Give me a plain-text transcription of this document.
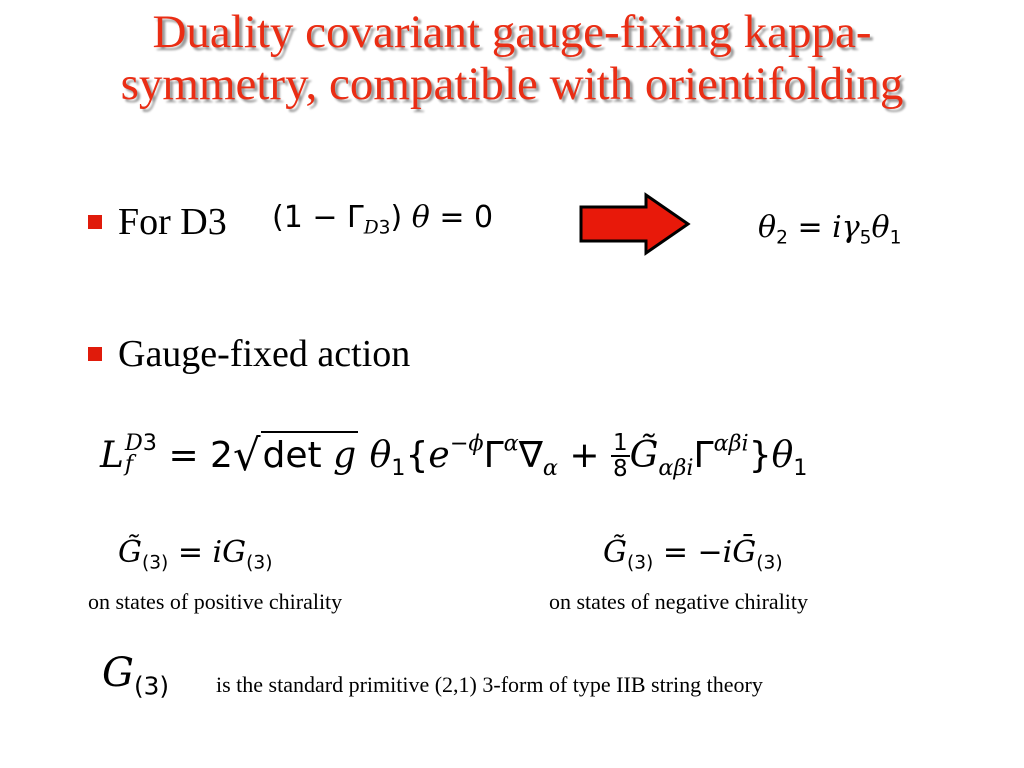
Duality covariant gauge-fixing kappa-
symmetry, compatible with orientifolding
For D3 $(1 - \Gamma_{D3})$ θ = 0	$\theta_2 = i\gamma_5\theta_1$
Gauge-fixed action
L D3
f = 2√det g $\theta_1\{e^{-\phi}\Gamma^\alpha\nabla_\alpha + \frac{1}{8}$ $G̃_{\alpha\beta i}\Gamma^{\alpha\beta i}\}\theta_1$
$G̃_{(3)} = iG_{(3)}$	$G̃_{(3)}$ = −iḠ$_{(3)}$
on states of positive chirality	on states of negative chirality
$G_{(3)}$ is the standard primitive (2,1) 3-form of type IIB string theory
